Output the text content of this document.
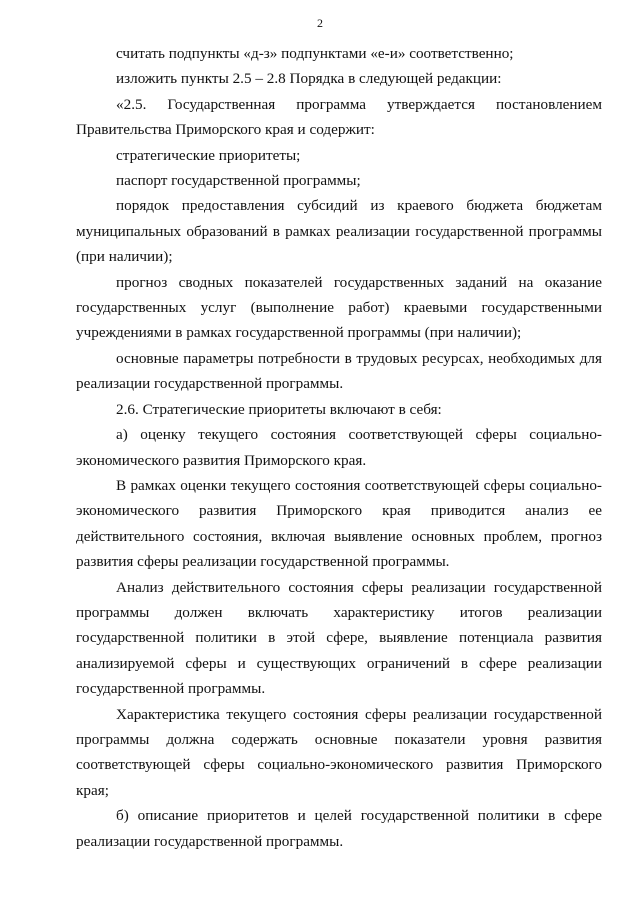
2

считать подпункты «д-з» подпунктами «е-и» соответственно;

изложить пункты 2.5 – 2.8 Порядка в следующей редакции:

«2.5. Государственная программа утверждается постановлением Правительства Приморского края и содержит:

стратегические приоритеты;

паспорт государственной программы;

порядок предоставления субсидий из краевого бюджета бюджетам муниципальных образований в рамках реализации государственной программы (при наличии);

прогноз сводных показателей государственных заданий на оказание государственных услуг (выполнение работ) краевыми государственными учреждениями в рамках государственной программы (при наличии);

основные параметры потребности в трудовых ресурсах, необходимых для реализации государственной программы.

2.6. Стратегические приоритеты включают в себя:

а) оценку текущего состояния соответствующей сферы социально-экономического развития Приморского края.

В рамках оценки текущего состояния соответствующей сферы социально-экономического развития Приморского края приводится анализ ее действительного состояния, включая выявление основных проблем, прогноз развития сферы реализации государственной программы.

Анализ действительного состояния сферы реализации государственной программы должен включать характеристику итогов реализации государственной политики в этой сфере, выявление потенциала развития анализируемой сферы и существующих ограничений в сфере реализации государственной программы.

Характеристика текущего состояния сферы реализации государственной программы должна содержать основные показатели уровня развития соответствующей сферы социально-экономического развития Приморского края;

б) описание приоритетов и целей государственной политики в сфере реализации государственной программы.
